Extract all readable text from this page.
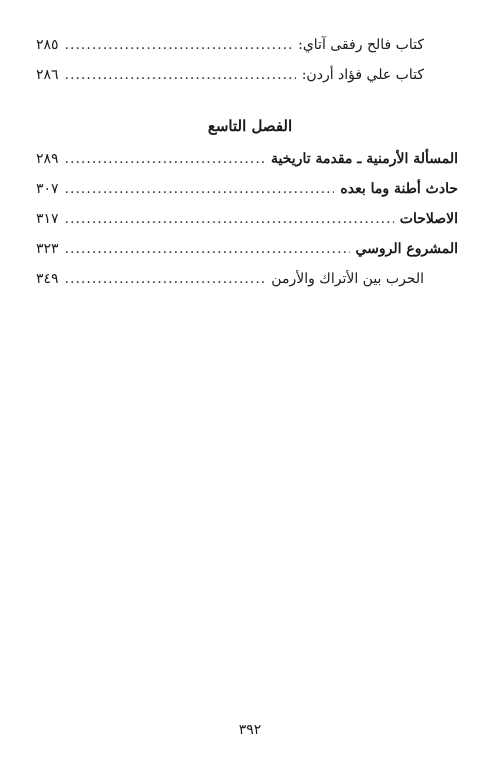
كتاب فالح رفقى آتاي:
.....
٢٨٥
كتاب علي فؤاد أردن:
.....
٢٨٦
الفصل التاسع
المسألة الأرمنية ـ مقدمة تاريخية
.....
٢٨٩
حادث أطنة وما بعده
.....
٣٠٧
الاصلاحات
.....
٣١٧
المشروع الروسي
.....
٣٢٣
الحرب بين الأتراك والأرمن
.....
٣٤٩
٣٩٢
